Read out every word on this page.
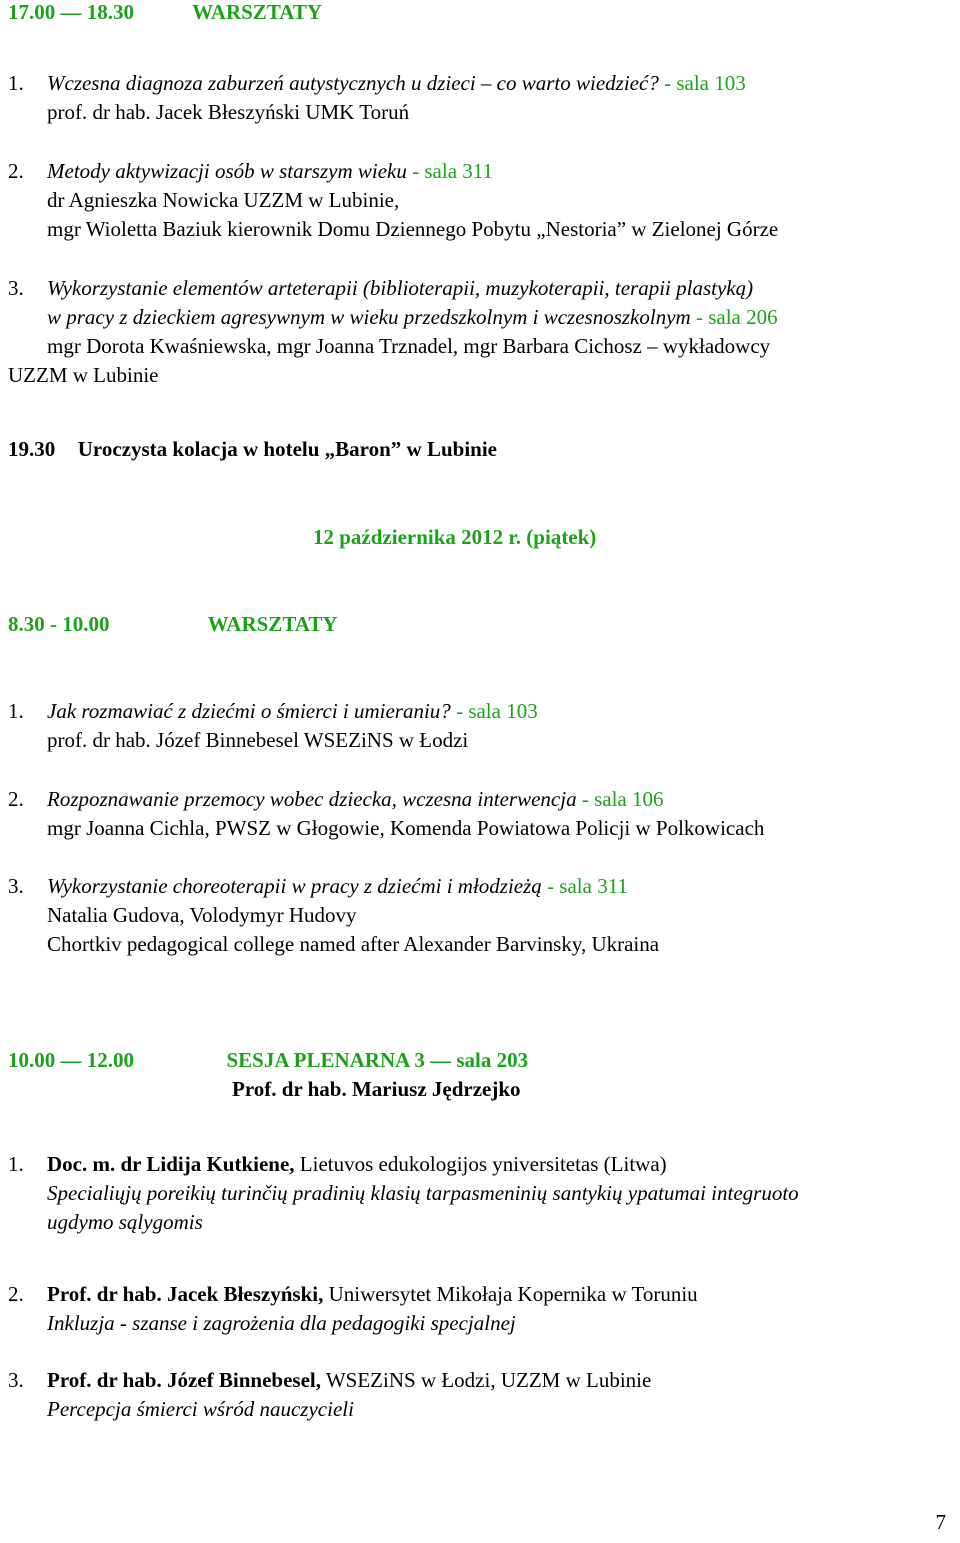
17.00 — 18.30	WARSZTATY
1. Wczesna diagnoza zaburzeń autystycznych u dzieci – co warto wiedzieć? - sala 103
prof. dr hab. Jacek Błeszyński UMK Toruń
2. Metody aktywizacji osób w starszym wieku - sala 311
dr Agnieszka Nowicka UZZM w Lubinie,
mgr Wioletta Baziuk kierownik Domu Dziennego Pobytu „Nestoria” w Zielonej Górze
3. Wykorzystanie elementów arteterapii (biblioterapii, muzykoterapii, terapii plastyką)
w pracy z dzieckiem agresywnym w wieku przedszkolnym i wczesnoszkolnym - sala 206
mgr Dorota Kwaśniewska, mgr Joanna Trznadel, mgr Barbara Cichosz – wykładowcy
UZZM w Lubinie
19.30 Uroczysta kolacja w hotelu „Baron” w Lubinie
12 października 2012 r. (piątek)
8.30 - 10.00	WARSZTATY
1. Jak rozmawiać z dziećmi o śmierci i umieraniu? - sala 103
prof. dr hab. Józef Binnebesel WSEZiNS w Łodzi
2. Rozpoznawanie przemocy wobec dziecka, wczesna interwencja - sala 106
mgr Joanna Cichla, PWSZ w Głogowie, Komenda Powiatowa Policji w Polkowicach
3. Wykorzystanie choreoterapii w pracy z dziećmi i młodzieżą - sala 311
Natalia Gudova, Volodymyr Hudovy
Chortkiv pedagogical college named after Alexander Barvinsky, Ukraina
10.00 — 12.00	SESJA PLENARNA 3 — sala 203
Prof. dr hab. Mariusz Jędrzejko
1. Doc. m. dr Lidija Kutkiene, Lietuvos edukologijos yniversitetas (Litwa)
Specialiųjų poreikių turinčių pradinių klasių tarpasmeninių santykių ypatumai integruoto
ugdymo sąlygomis
2. Prof. dr hab. Jacek Błeszyński, Uniwersytet Mikołaja Kopernika w Toruniu
Inkluzja - szanse i zagrożenia dla pedagogiki specjalnej
3. Prof. dr hab. Józef Binnebesel, WSEZiNS w Łodzi, UZZM w Lubinie
Percepcja śmierci wśród nauczycieli
7
